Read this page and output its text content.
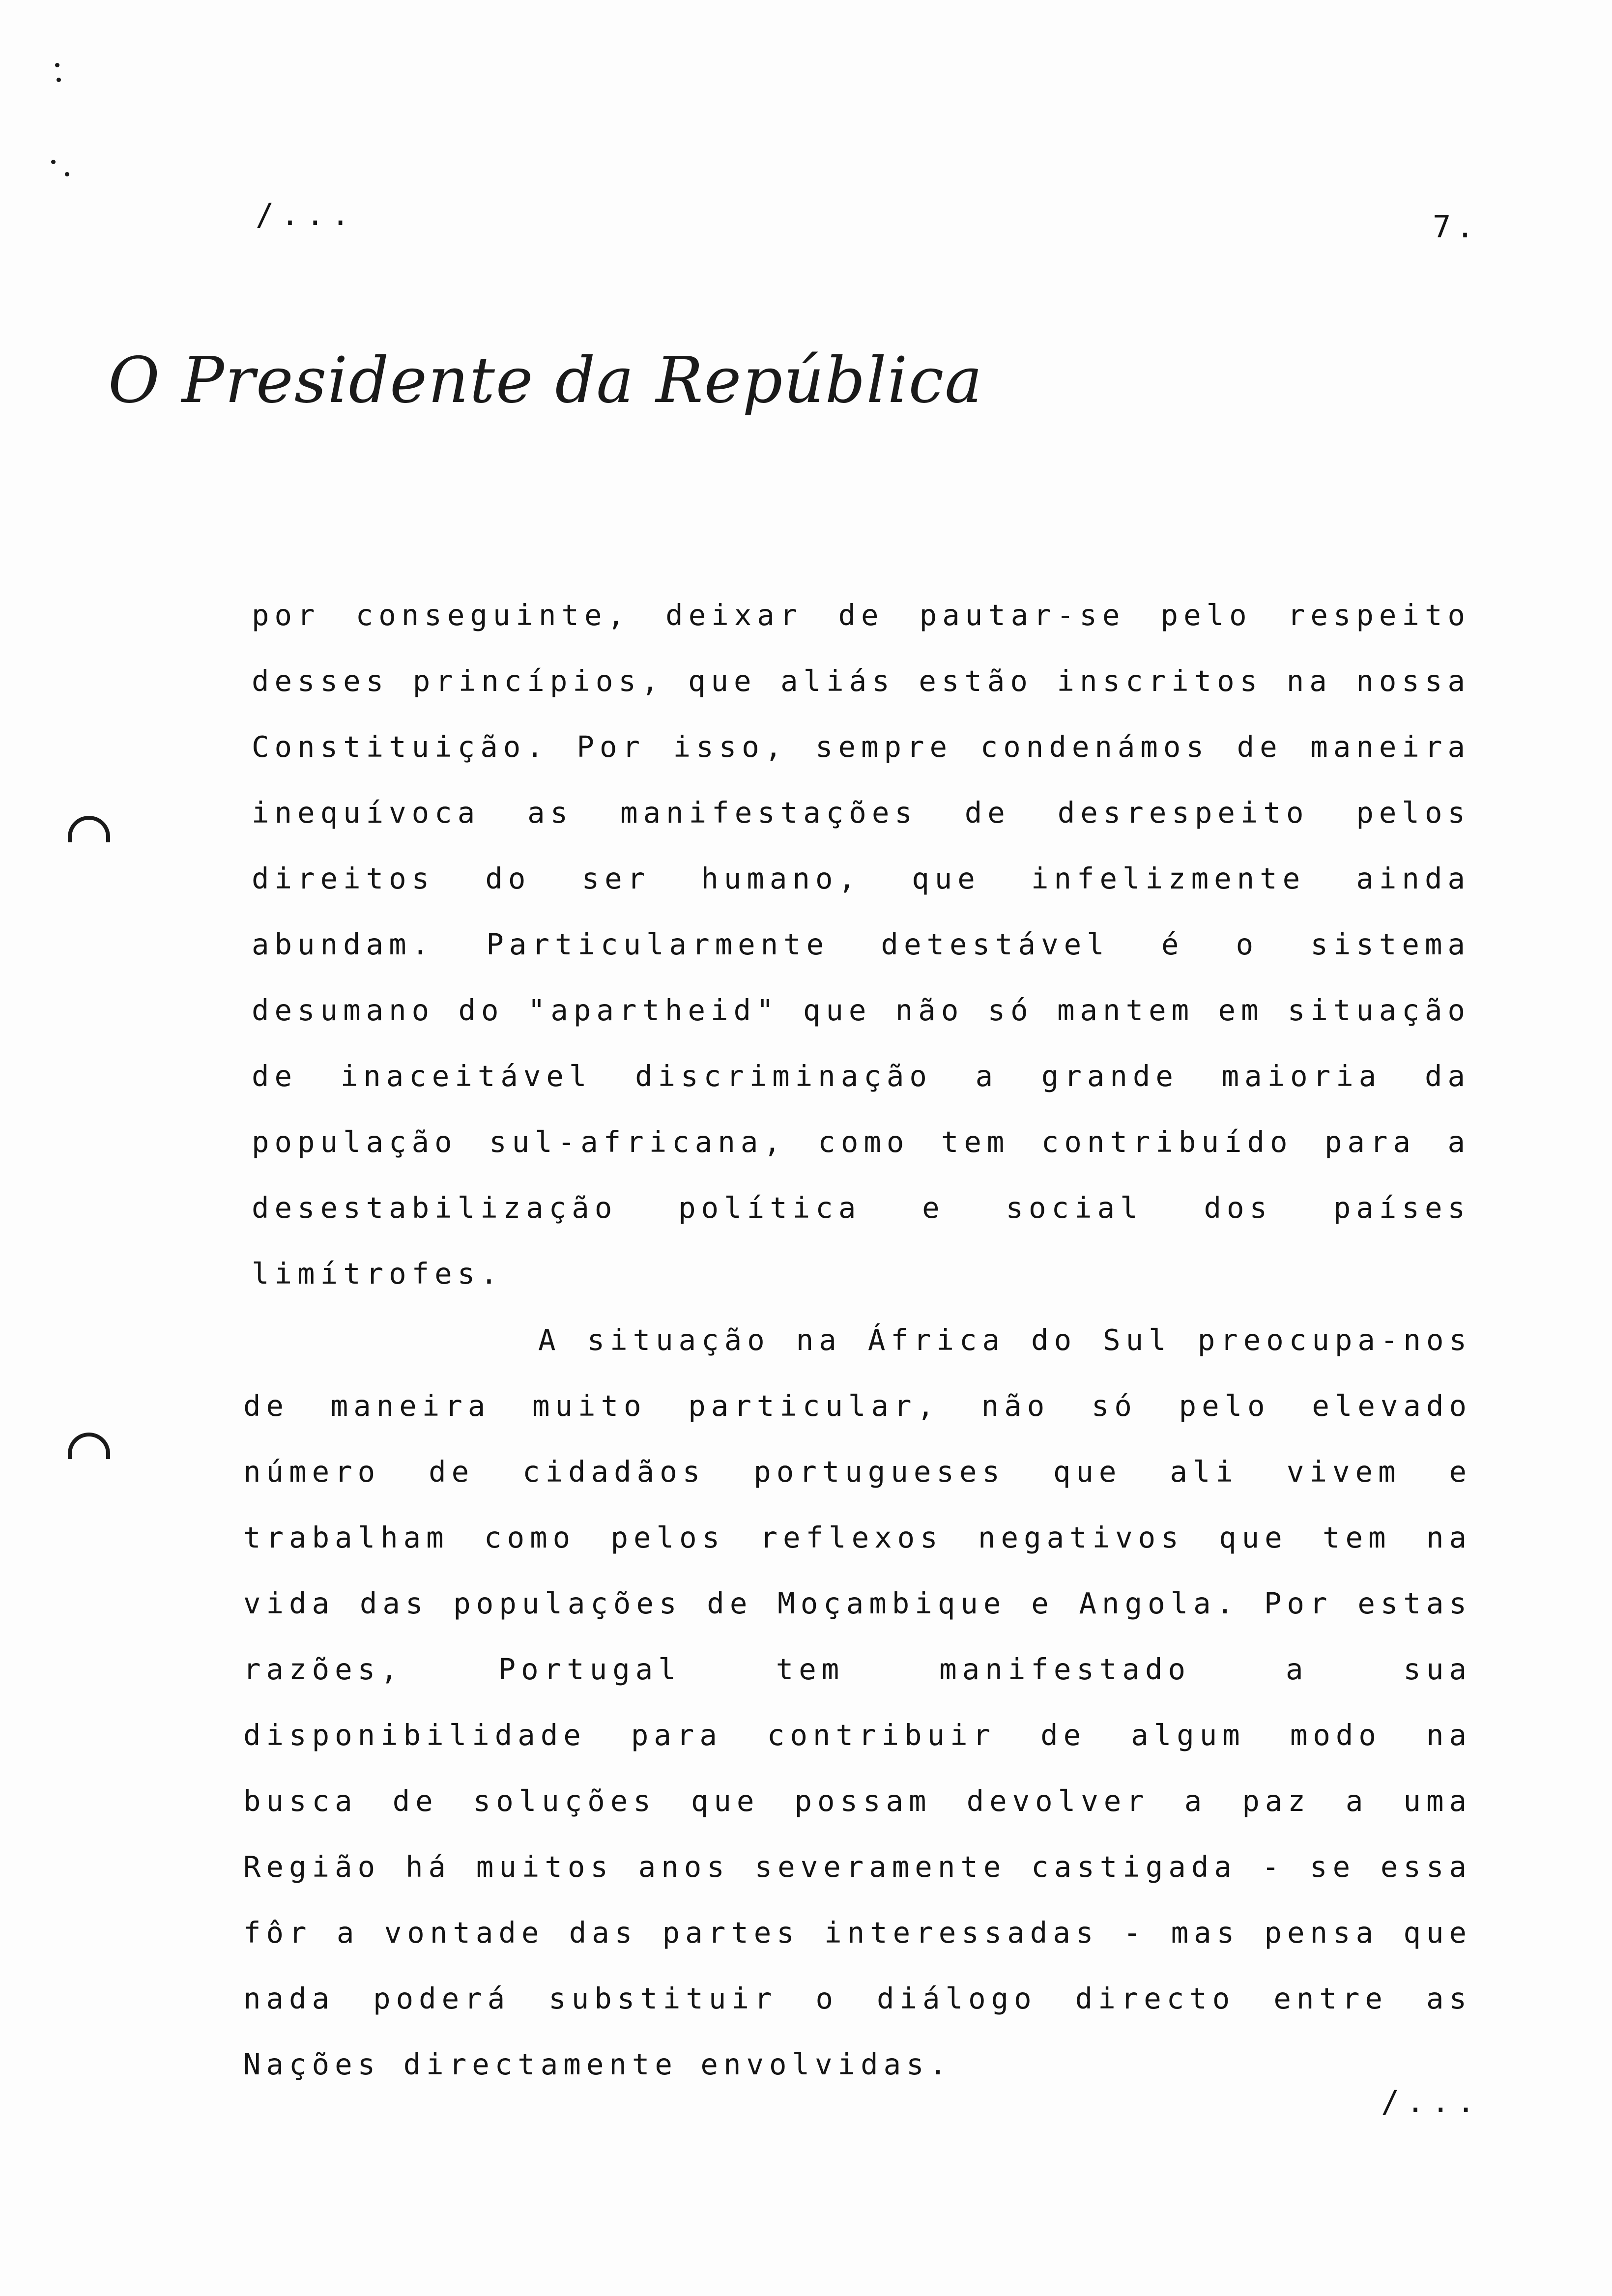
/...	7.
O Presidente da República

por conseguinte, deixar de pautar-se pelo respeito desses princípios, que aliás estão inscritos na nossa Constituição. Por isso, sempre condenámos de maneira inequívoca as manifestações de desrespeito pelos direitos do ser humano, que infelizmente ainda abundam. Particularmente detestável é o sistema desumano do "apartheid" que não só mantem em situação de inaceitável discriminação a grande maioria da população sul-africana, como tem contribuído para a desestabilização política e social dos países limítrofes.

A situação na África do Sul preocupa-nos de maneira muito particular, não só pelo elevado número de cidadãos portugueses que ali vivem e trabalham como pelos reflexos negativos que tem na vida das populações de Moçambique e Angola. Por estas razões, Portugal tem manifestado a sua disponibilidade para contribuir de algum modo na busca de soluções que possam devolver a paz a uma Região há muitos anos severamente castigada - se essa fôr a vontade das partes interessadas - mas pensa que nada poderá substituir o diálogo directo entre as Nações directamente envolvidas.

/...
